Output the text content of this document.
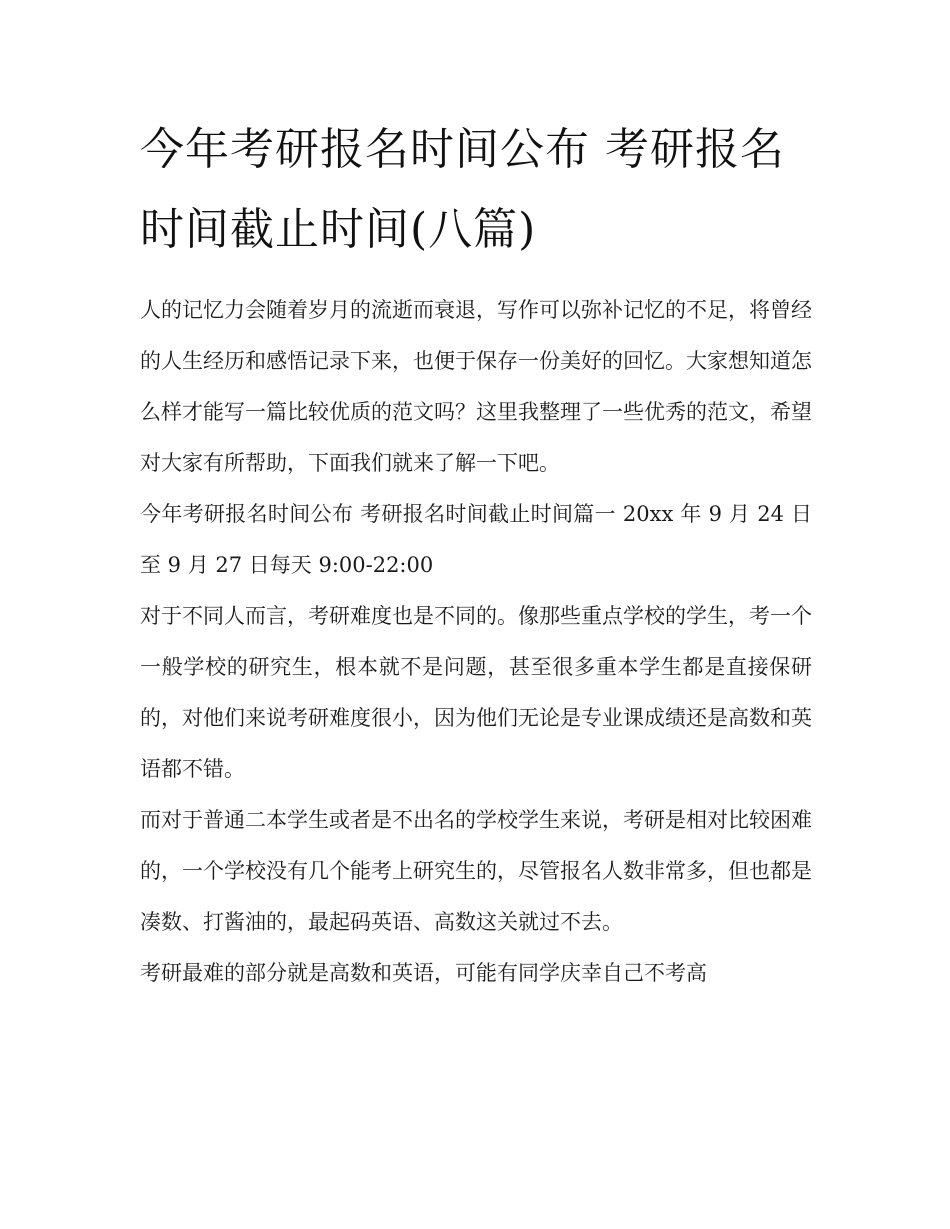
今年考研报名时间公布 考研报名时间截止时间(八篇)

人的记忆力会随着岁月的流逝而衰退，写作可以弥补记忆的不足，将曾经的人生经历和感悟记录下来，也便于保存一份美好的回忆。大家想知道怎么样才能写一篇比较优质的范文吗？这里我整理了一些优秀的范文，希望对大家有所帮助，下面我们就来了解一下吧。

今年考研报名时间公布 考研报名时间截止时间篇一 20xx 年 9 月 24 日至 9 月 27 日每天 9:00-22:00

对于不同人而言，考研难度也是不同的。像那些重点学校的学生，考一个一般学校的研究生，根本就不是问题，甚至很多重本学生都是直接保研的，对他们来说考研难度很小，因为他们无论是专业课成绩还是高数和英语都不错。

而对于普通二本学生或者是不出名的学校学生来说，考研是相对比较困难的，一个学校没有几个能考上研究生的，尽管报名人数非常多，但也都是凑数、打酱油的，最起码英语、高数这关就过不去。

考研最难的部分就是高数和英语，可能有同学庆幸自己不考高
